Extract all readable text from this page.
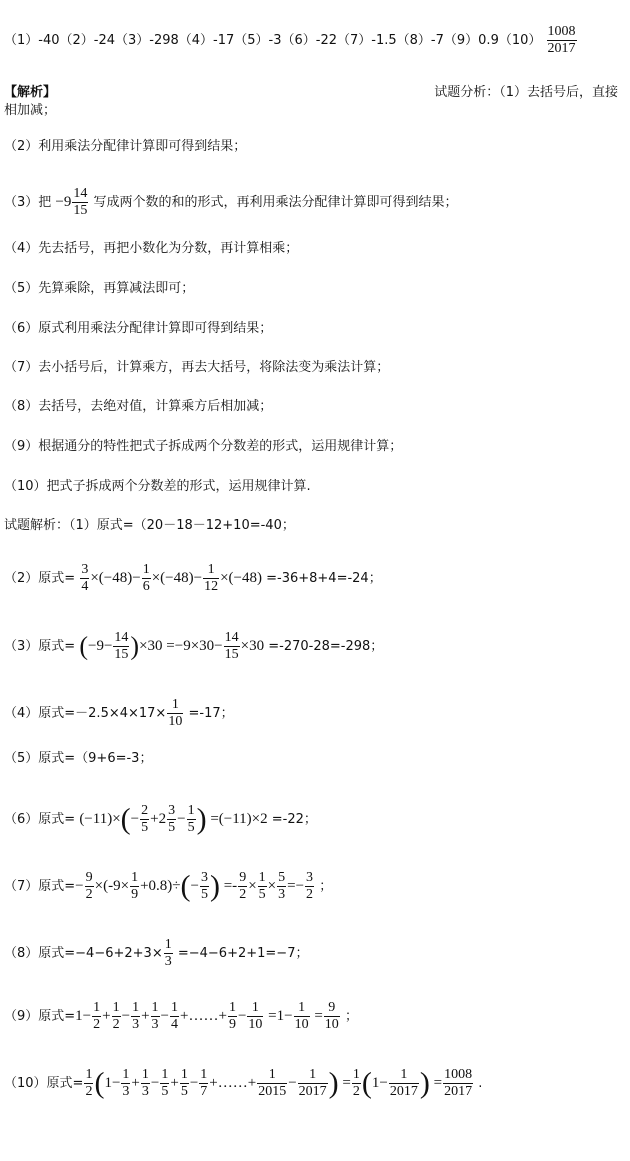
$(1)-40(2)-24(3)-298(4)-17(5)-3(6)-22(7)-1.5(8)-7(9)0.9(10) \frac{1008}{2017}$
【解析】	试题分析：（1）去括号后，直接
相加减；
（2）利用乘法分配律计算即可得到结果；
（3）把 $-9 \frac{14}{15}$ 写成两个数的和的形式，再利用乘法分配律计算即可得到结果；
（4）先去括号，再把小数化为分数，再计算相乘；
（5）先算乘除，再算减法即可；
（6）原式利用乘法分配律计算即可得到结果；
（7）去小括号后，计算乘方，再去大括号，将除法变为乘法计算；
（8）去括号，去绝对值，计算乘方后相加减；
（9）根据通分的特性把式子拆成两个分数差的形式，运用规律计算；
（10）把式子拆成两个分数差的形式，运用规律计算.
试题解析：（1）原式=（20－18－12+10=-40；
（2）原式= $\frac{3}{4} \times(-48)- \frac{1}{6} \times(-48)- \frac{1}{12} \times(-48) =-36+8+4=-24$；
（3）原式= $(-9- \frac{14}{15} )\times 30 =-9\times 30- \frac{14}{15} \times 30 =-270-28=-298$；
（4）原式$=-2.5\times 4\times 17\times \frac{1}{10} =-17$；
（5）原式=（9+6=-3；
（6）原式= $(-11)\times(- \frac{2}{5} +2 \frac{3}{5} - \frac{1}{5}$ ) =(−11)×2 =-22；
（7）原式=− $\frac{9}{2} \times(-9\times \frac{1}{9} +0.8)\div(- \frac{3}{5}$ ) =- $\frac{9}{2} \times \frac{1}{5} \times \frac{5}{3} =- \frac{3}{2}$ ；
（8）原式$=-4-6+2+3\times \frac{1}{3} =-4-6+2+1=-7$；
（9）原式$=1- \frac{1}{2} + \frac{1}{2} - \frac{1}{3} + \frac{1}{3} - \frac{1}{4}$ +……+ $\frac{1}{9} - \frac{1}{10} =1- \frac{1}{10} = \frac{9}{10}$ ；
（10）原式= $\frac{1}{2} (1- \frac{1}{3} + \frac{1}{3} - \frac{1}{5} + \frac{1}{5} - \frac{1}{7}$ +……+ $\frac{1}{2015} - \frac{1}{2017}$ ) = $\frac{1}{2} (1- \frac{1}{2017}$ ) = $\frac{1008}{2017}$ .
